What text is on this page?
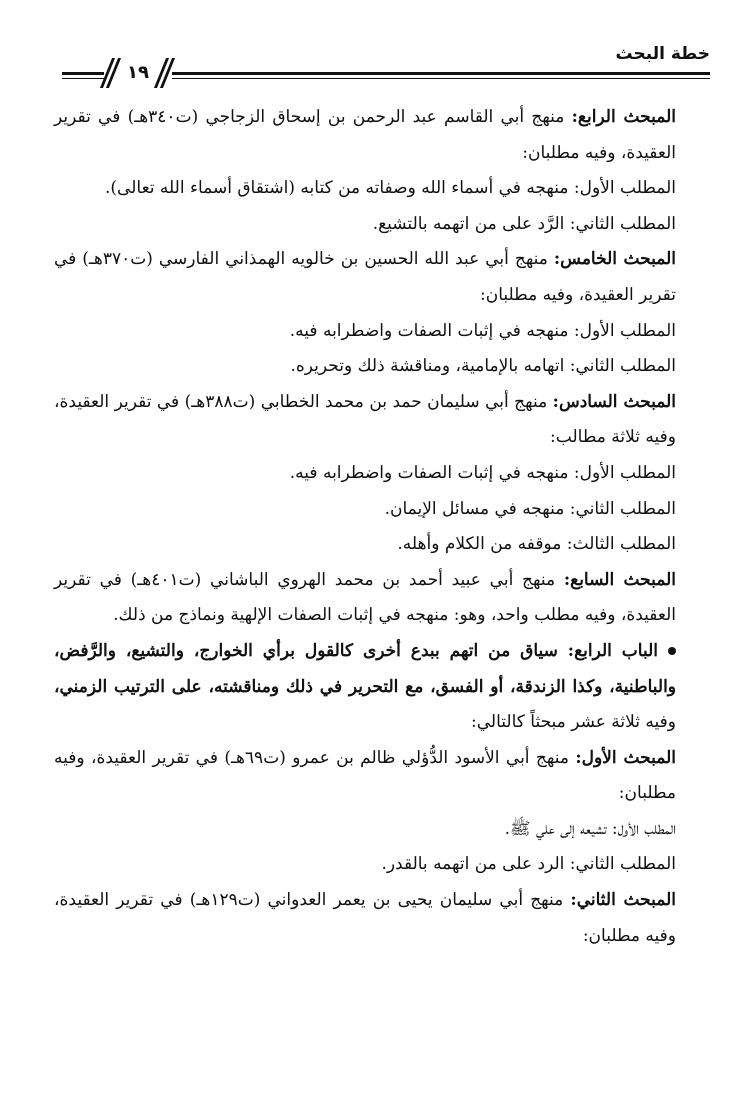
١٩
خطة البحث

المبحث الرابع: منهج أبي القاسم عبد الرحمن بن إسحاق الزجاجي (ت٣٤٠هـ) في تقرير العقيدة، وفيه مطلبان:

المطلب الأول: منهجه في أسماء الله وصفاته من كتابه (اشتقاق أسماء الله تعالى).

المطلب الثاني: الرَّد على من اتهمه بالتشيع.

المبحث الخامس: منهج أبي عبد الله الحسين بن خالويه الهمذاني الفارسي (ت٣٧٠هـ) في تقرير العقيدة، وفيه مطلبان:

المطلب الأول: منهجه في إثبات الصفات واضطرابه فيه.

المطلب الثاني: اتهامه بالإمامية، ومناقشة ذلك وتحريره.

المبحث السادس: منهج أبي سليمان حمد بن محمد الخطابي (ت٣٨٨هـ) في تقرير العقيدة، وفيه ثلاثة مطالب:

المطلب الأول: منهجه في إثبات الصفات واضطرابه فيه.

المطلب الثاني: منهجه في مسائل الإيمان.

المطلب الثالث: موقفه من الكلام وأهله.

المبحث السابع: منهج أبي عبيد أحمد بن محمد الهروي الباشاني (ت٤٠١هـ) في تقرير العقيدة، وفيه مطلب واحد، وهو: منهجه في إثبات الصفات الإلهية ونماذج من ذلك.

الباب الرابع: سياق من اتهم ببدع أخرى كالقول برأي الخوارج، والتشيع، والرَّفض، والباطنية، وكذا الزندقة، أو الفسق، مع التحرير في ذلك ومناقشته، على الترتيب الزمني، وفيه ثلاثة عشر مبحثاً كالتالي:

المبحث الأول: منهج أبي الأسود الدُّؤلي ظالم بن عمرو (ت٦٩هـ) في تقرير العقيدة، وفيه مطلبان:

المطلب الأول: تشيعه إلى علي ﷺ.

المطلب الثاني: الرد على من اتهمه بالقدر.

المبحث الثاني: منهج أبي سليمان يحيى بن يعمر العدواني (ت١٢٩هـ) في تقرير العقيدة، وفيه مطلبان:
